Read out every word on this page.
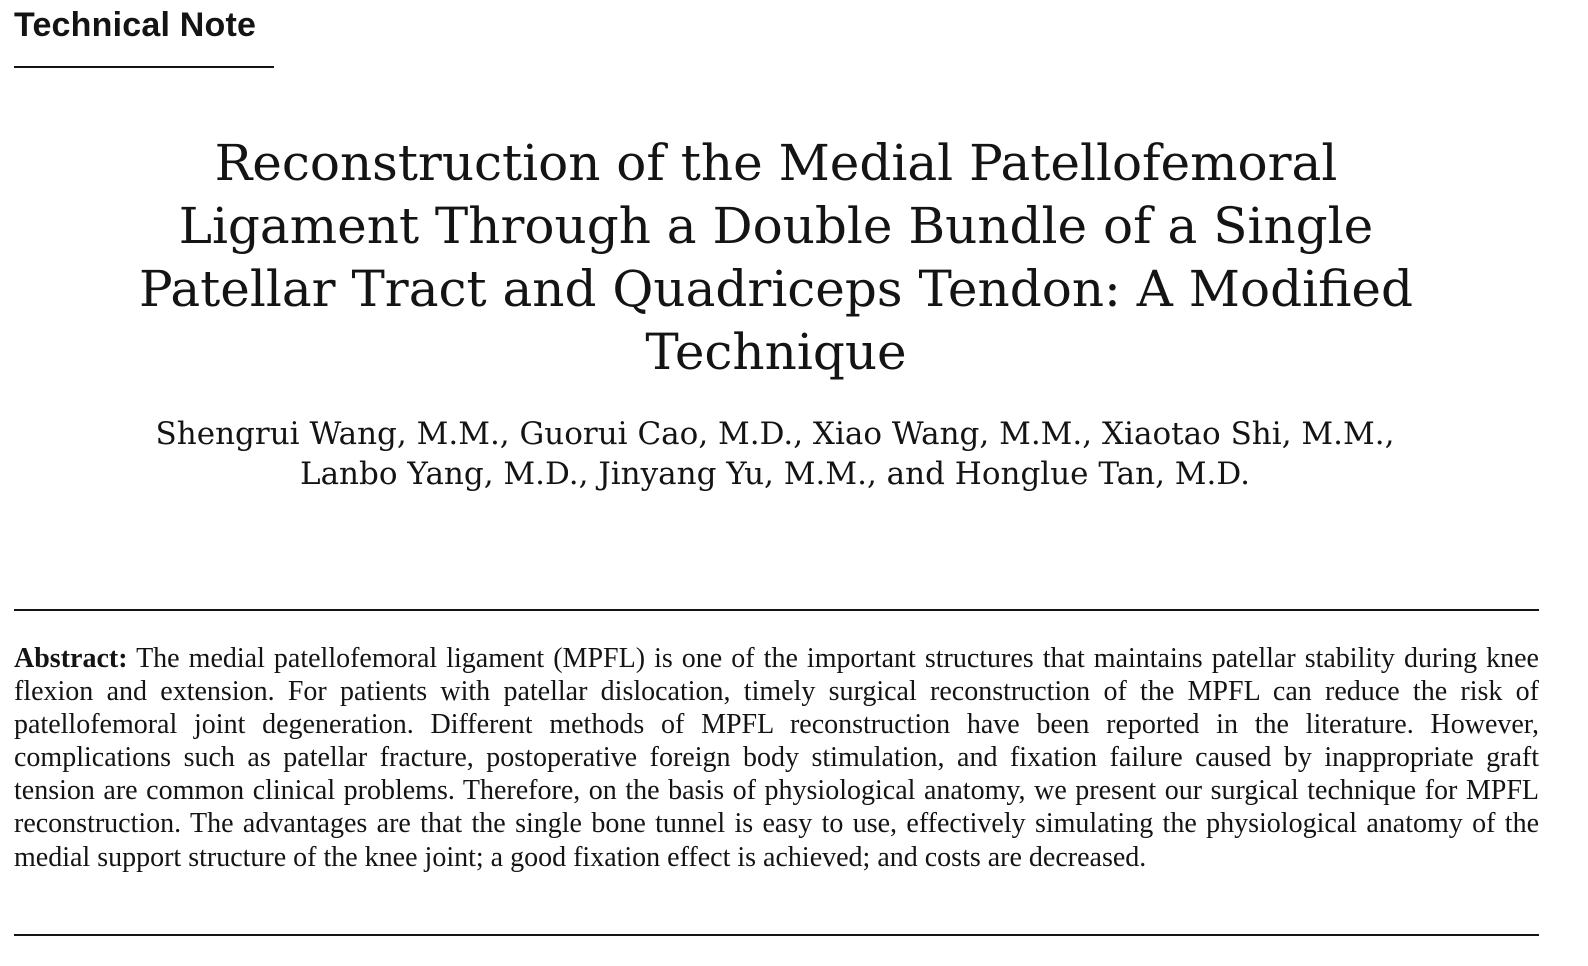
Technical Note
Reconstruction of the Medial Patellofemoral Ligament Through a Double Bundle of a Single Patellar Tract and Quadriceps Tendon: A Modified Technique
Shengrui Wang, M.M., Guorui Cao, M.D., Xiao Wang, M.M., Xiaotao Shi, M.M.,
Lanbo Yang, M.D., Jinyang Yu, M.M., and Honglue Tan, M.D.

Abstract: The medial patellofemoral ligament (MPFL) is one of the important structures that maintains patellar stability during knee flexion and extension. For patients with patellar dislocation, timely surgical reconstruction of the MPFL can reduce the risk of patellofemoral joint degeneration. Different methods of MPFL reconstruction have been reported in the literature. However, complications such as patellar fracture, postoperative foreign body stimulation, and fixation failure caused by inappropriate graft tension are common clinical problems. Therefore, on the basis of physiological anatomy, we present our surgical technique for MPFL reconstruction. The advantages are that the single bone tunnel is easy to use, effectively simulating the physiological anatomy of the medial support structure of the knee joint; a good fixation effect is achieved; and costs are decreased.
